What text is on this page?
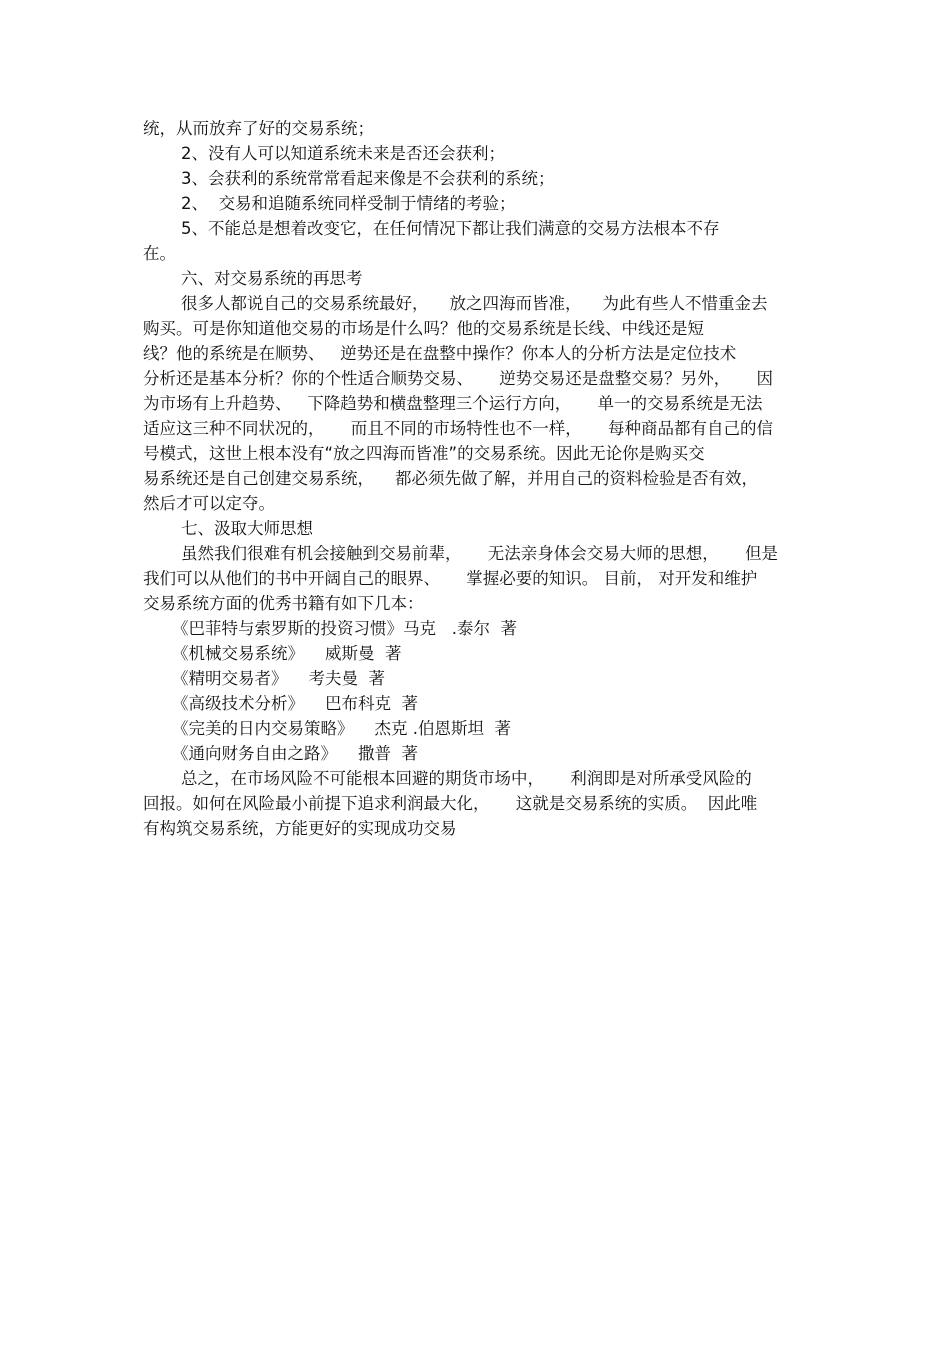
统，从而放弃了好的交易系统；
2、没有人可以知道系统未来是否还会获利；
3、会获利的系统常常看起来像是不会获利的系统；
2、  交易和追随系统同样受制于情绪的考验；
5、不能总是想着改变它，在任何情况下都让我们满意的交易方法根本不存
在。
六、对交易系统的再思考
很多人都说自己的交易系统最好，    放之四海而皆准，    为此有些人不惜重金去
购买。可是你知道他交易的市场是什么吗？他的交易系统是长线、中线还是短
线？他的系统是在顺势、   逆势还是在盘整中操作？你本人的分析方法是定位技术
分析还是基本分析？你的个性适合顺势交易、     逆势交易还是盘整交易？另外，     因
为市场有上升趋势、   下降趋势和横盘整理三个运行方向，     单一的交易系统是无法
适应这三种不同状况的，     而且不同的市场特性也不一样，     每种商品都有自己的信
号模式，这世上根本没有“放之四海而皆准”的交易系统。因此无论你是购买交
易系统还是自己创建交易系统，    都必须先做了解，并用自己的资料检验是否有效，
然后才可以定夺。
七、汲取大师思想
虽然我们很难有机会接触到交易前辈，     无法亲身体会交易大师的思想，     但是
我们可以从他们的书中开阔自己的眼界、     掌握必要的知识。 目前， 对开发和维护
交易系统方面的优秀书籍有如下几本：
《巴菲特与索罗斯的投资习惯》马克   .泰尔  著
《机械交易系统》    威斯曼  著
《精明交易者》    考夫曼  著
《高级技术分析》    巴布科克  著
《完美的日内交易策略》    杰克 .伯恩斯坦  著
《通向财务自由之路》    撒普  著
总之，在市场风险不可能根本回避的期货市场中，     利润即是对所承受风险的
回报。如何在风险最小前提下追求利润最大化，     这就是交易系统的实质。  因此唯
有构筑交易系统，方能更好的实现成功交易
